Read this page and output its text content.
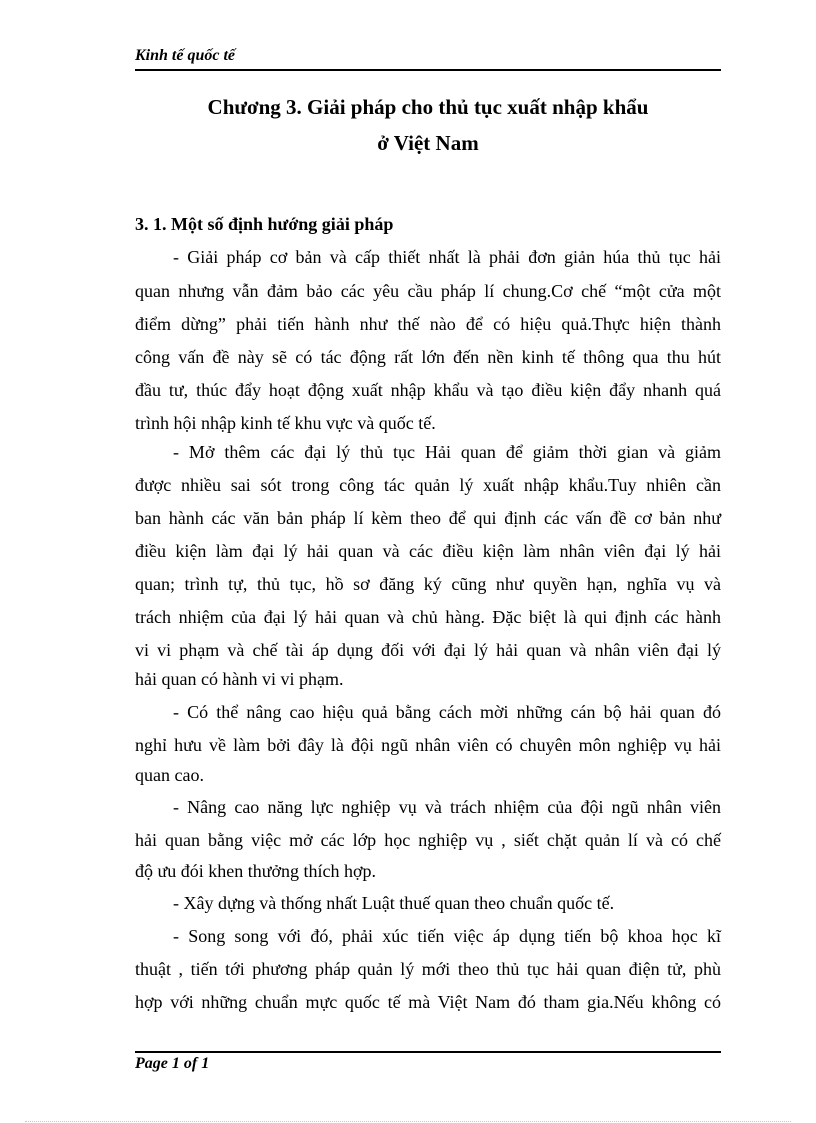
Kinh tế quốc tế
Chương 3. Giải pháp cho thủ tục xuất nhập khẩu
ở Việt Nam
3. 1. Một số định hướng giải pháp
- Giải pháp cơ bản và cấp thiết nhất là phải đơn giản húa thủ tục hải
quan nhưng vẫn đảm bảo các yêu cầu pháp lí chung.Cơ chế “một cửa một
điểm dừng” phải tiến hành như thế nào để có hiệu quả.Thực hiện thành
công vấn đề này sẽ có tác động rất lớn đến nền kinh tế thông qua thu hút
đầu tư, thúc đẩy hoạt động xuất nhập khẩu và tạo điều kiện đẩy nhanh quá
trình hội nhập kinh tế khu vực và quốc tế.
- Mở thêm các đại lý thủ tục Hải quan để giảm thời gian và giảm
được nhiều sai sót trong công tác quản lý xuất nhập khẩu.Tuy nhiên cần
ban hành các văn bản pháp lí kèm theo để qui định các vấn đề cơ bản như
điều kiện làm đại lý hải quan và các điều kiện làm nhân viên đại lý hải
quan; trình tự, thủ tục, hồ sơ đăng ký cũng như quyền hạn, nghĩa vụ và
trách nhiệm của đại lý hải quan và chủ hàng. Đặc biệt là qui định các hành
vi vi phạm và chế tài áp dụng đối với đại lý hải quan và nhân viên đại lý
hải quan có hành vi vi phạm.
- Có thể nâng cao hiệu quả bằng cách mời những cán bộ hải quan đó
nghỉ hưu về làm bởi đây là đội ngũ nhân viên có chuyên môn nghiệp vụ hải
quan cao.
- Nâng cao năng lực nghiệp vụ và trách nhiệm của đội ngũ nhân viên
hải quan bằng việc mở các lớp học nghiệp vụ , siết chặt quản lí và có chế
độ ưu đói khen thưởng thích hợp.
- Xây dựng và thống nhất Luật thuế quan theo chuẩn quốc tế.
- Song song với đó, phải xúc tiến việc áp dụng tiến bộ khoa học kĩ
thuật , tiến tới phương pháp quản lý mới theo thủ tục hải quan điện tử, phù
hợp với những chuẩn mực quốc tế mà Việt Nam đó tham gia.Nếu không có
Page 1 of 1
